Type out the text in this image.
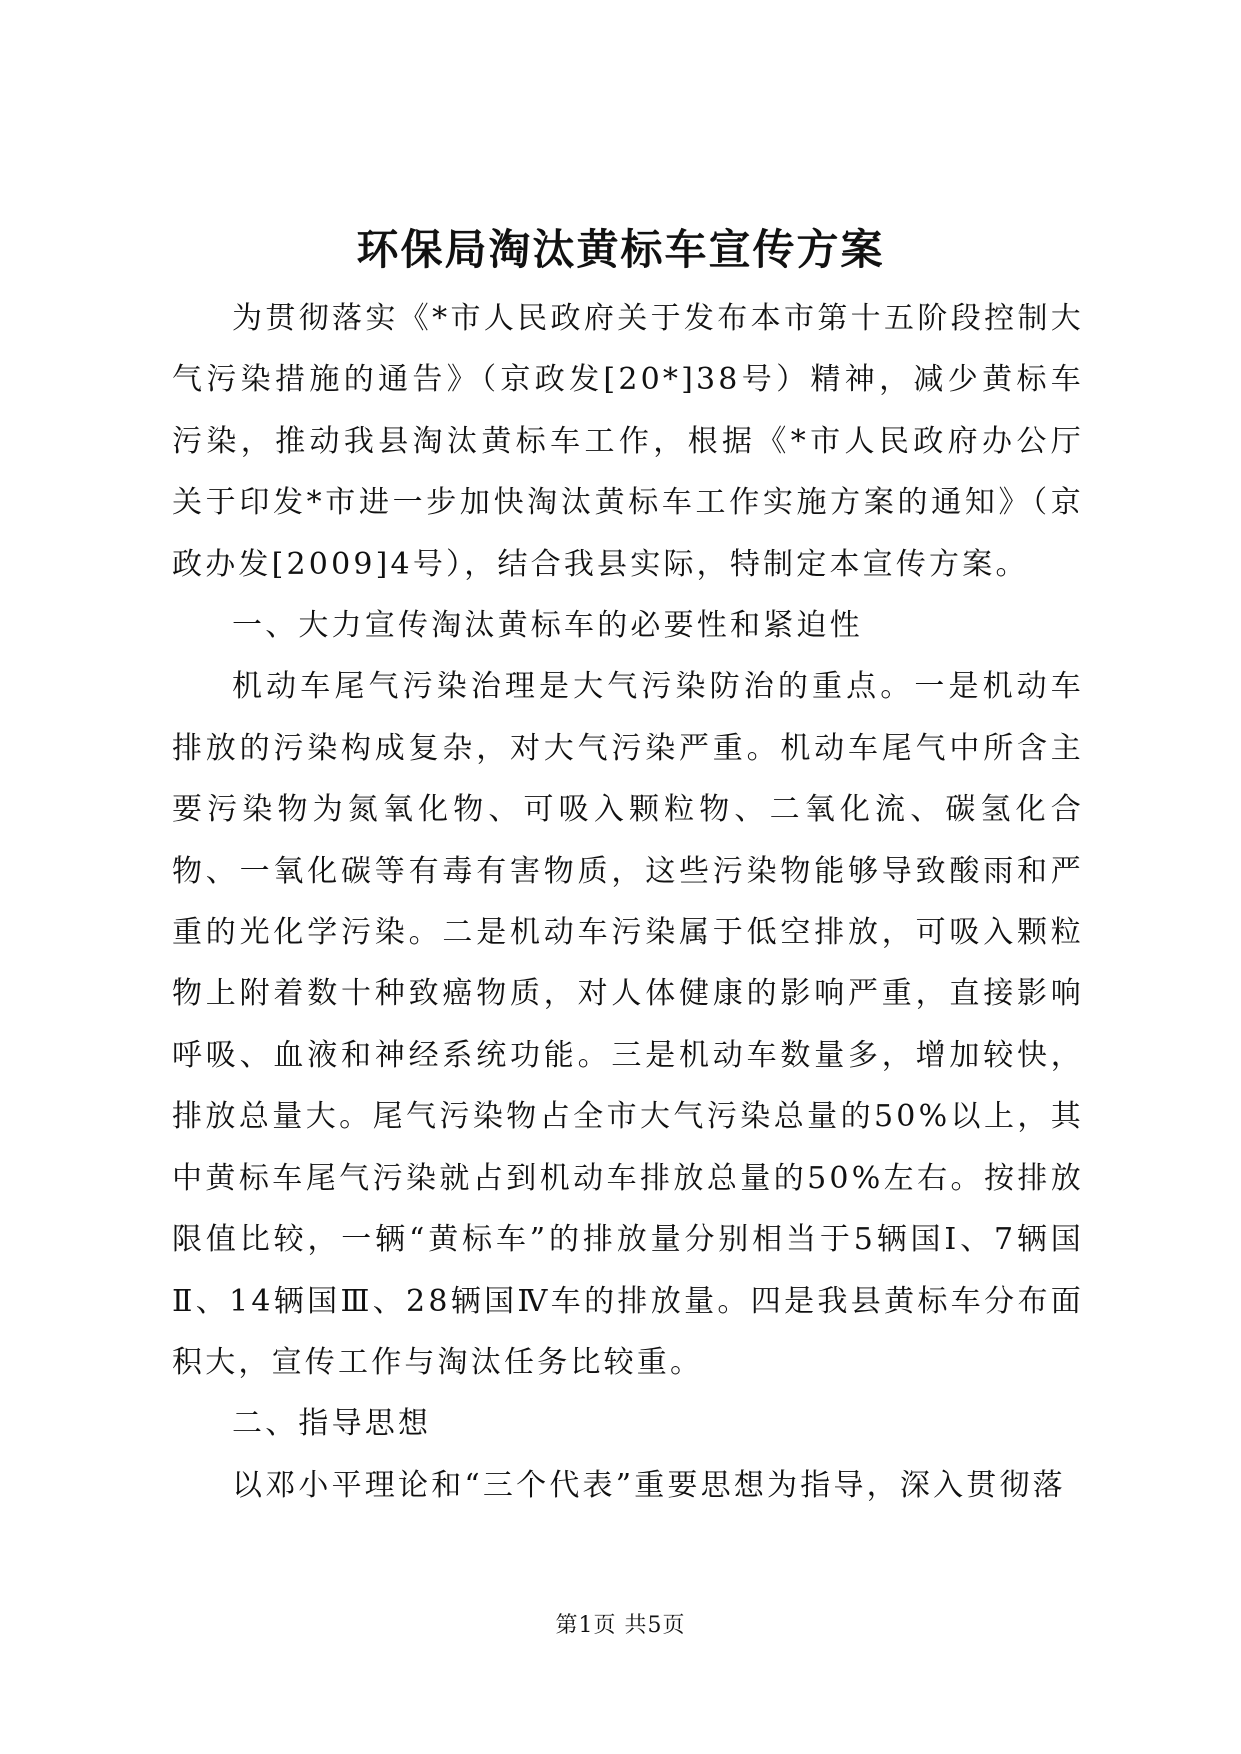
环保局淘汰黄标车宣传方案

为贯彻落实《*市人民政府关于发布本市第十五阶段控制大气污染措施的通告》（京政发[20*]38号）精神，减少黄标车污染，推动我县淘汰黄标车工作，根据《*市人民政府办公厅关于印发*市进一步加快淘汰黄标车工作实施方案的通知》（京政办发[2009]4号），结合我县实际，特制定本宣传方案。

一、大力宣传淘汰黄标车的必要性和紧迫性

机动车尾气污染治理是大气污染防治的重点。一是机动车排放的污染构成复杂，对大气污染严重。机动车尾气中所含主要污染物为氮氧化物、可吸入颗粒物、二氧化流、碳氢化合物、一氧化碳等有毒有害物质，这些污染物能够导致酸雨和严重的光化学污染。二是机动车污染属于低空排放，可吸入颗粒物上附着数十种致癌物质，对人体健康的影响严重，直接影响呼吸、血液和神经系统功能。三是机动车数量多，增加较快，排放总量大。尾气污染物占全市大气污染总量的50%以上，其中黄标车尾气污染就占到机动车排放总量的50%左右。按排放限值比较，一辆“黄标车”的排放量分别相当于5辆国Ⅰ、7辆国Ⅱ、14辆国Ⅲ、28辆国Ⅳ车的排放量。四是我县黄标车分布面积大，宣传工作与淘汰任务比较重。

二、指导思想

以邓小平理论和“三个代表”重要思想为指导，深入贯彻落

第1页 共5页
